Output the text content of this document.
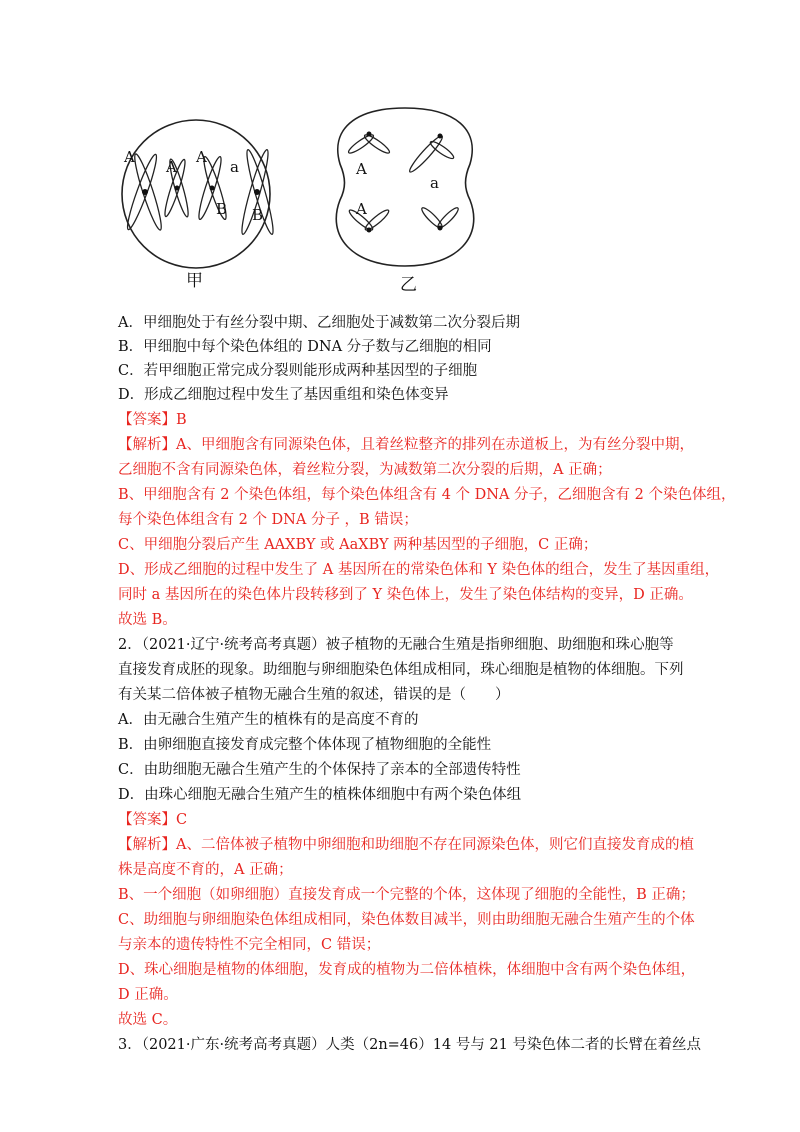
A
A
A
a
B B
甲
A
a
A
乙
A．甲细胞处于有丝分裂中期、乙细胞处于减数第二次分裂后期
B．甲细胞中每个染色体组的 DNA 分子数与乙细胞的相同
C．若甲细胞正常完成分裂则能形成两种基因型的子细胞
D．形成乙细胞过程中发生了基因重组和染色体变异
【答案】B
【解析】A、甲细胞含有同源染色体，且着丝粒整齐的排列在赤道板上，为有丝分裂中期，
乙细胞不含有同源染色体，着丝粒分裂，为减数第二次分裂的后期，A 正确；
B、甲细胞含有 2 个染色体组，每个染色体组含有 4 个 DNA 分子，乙细胞含有 2 个染色体组，
每个染色体组含有 2 个 DNA 分子 ，B 错误；
C、甲细胞分裂后产生 AAXBY 或 AaXBY 两种基因型的子细胞，C 正确；
D、形成乙细胞的过程中发生了 A 基因所在的常染色体和 Y 染色体的组合，发生了基因重组，
同时 a 基因所在的染色体片段转移到了 Y 染色体上，发生了染色体结构的变异，D 正确。
故选 B。
2．（2021·辽宁·统考高考真题）被子植物的无融合生殖是指卵细胞、助细胞和珠心胞等
直接发育成胚的现象。助细胞与卵细胞染色体组成相同，珠心细胞是植物的体细胞。下列
有关某二倍体被子植物无融合生殖的叙述，错误的是（　　）
A．由无融合生殖产生的植株有的是高度不育的
B．由卵细胞直接发育成完整个体体现了植物细胞的全能性
C．由助细胞无融合生殖产生的个体保持了亲本的全部遗传特性
D．由珠心细胞无融合生殖产生的植株体细胞中有两个染色体组
【答案】C
【解析】A、二倍体被子植物中卵细胞和助细胞不存在同源染色体，则它们直接发育成的植
株是高度不育的，A 正确；
B、一个细胞（如卵细胞）直接发育成一个完整的个体，这体现了细胞的全能性，B 正确；
C、助细胞与卵细胞染色体组成相同，染色体数目减半，则由助细胞无融合生殖产生的个体
与亲本的遗传特性不完全相同，C 错误；
D、珠心细胞是植物的体细胞，发育成的植物为二倍体植株，体细胞中含有两个染色体组，
D 正确。
故选 C。
3．（2021·广东·统考高考真题）人类（2n=46）14 号与 21 号染色体二者的长臂在着丝点
